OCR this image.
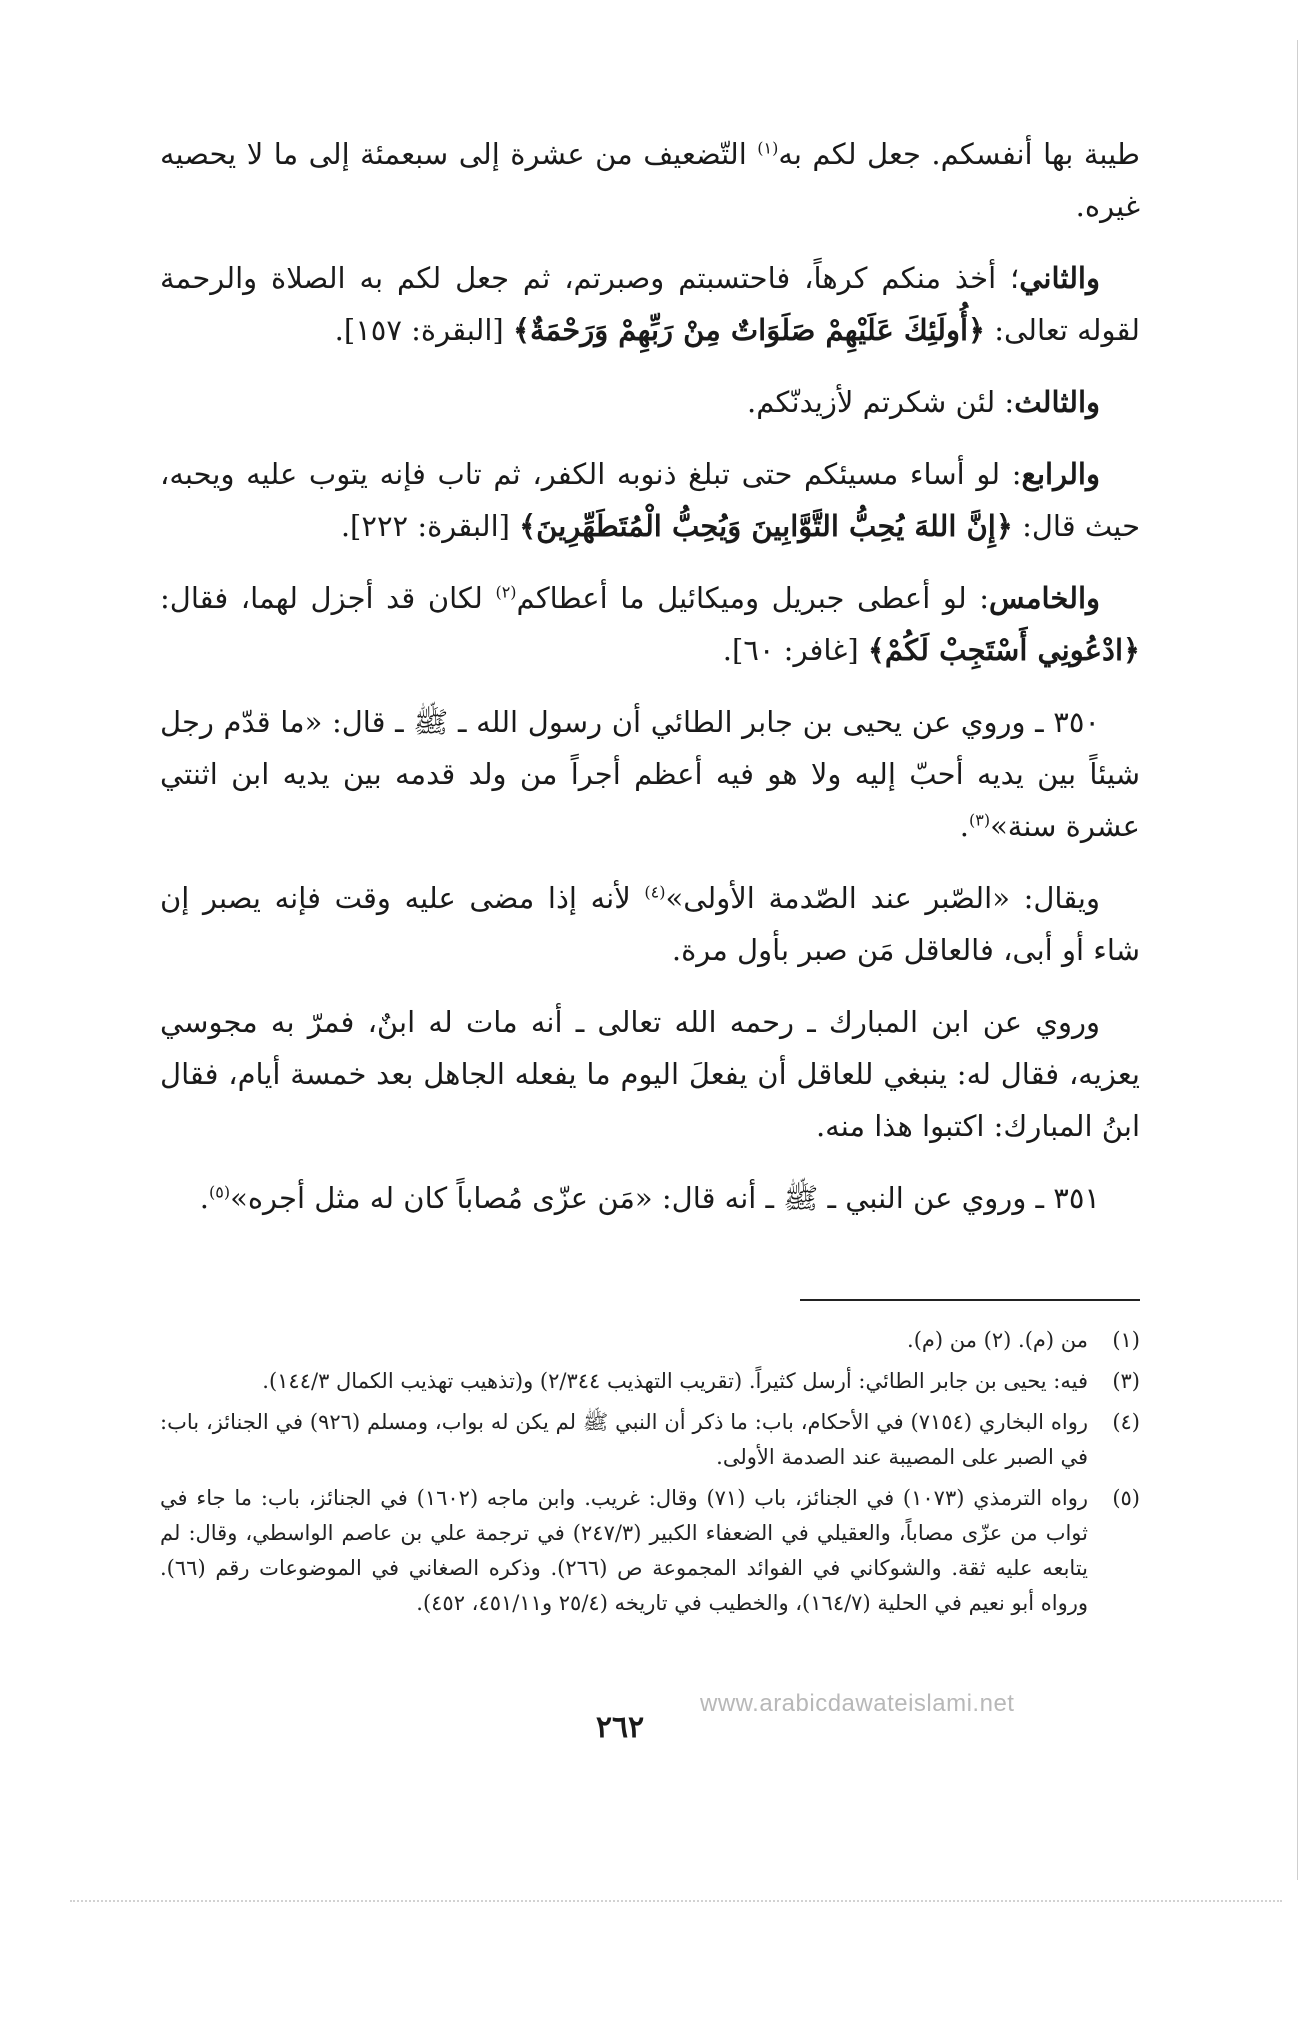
طيبة بها أنفسكم. جعل لكم به$^{(١)}$ التّضعيف من عشرة إلى سبعمئة إلى ما لا يحصيه غيره.

والثاني؛ أخذ منكم كرهاً، فاحتسبتم وصبرتم، ثم جعل لكم به الصلاة والرحمة لقوله تعالى: ﴿أُولَئِكَ عَلَيْهِمْ صَلَوَاتٌ مِنْ رَبِّهِمْ وَرَحْمَةٌ﴾ [البقرة: ١٥٧].

والثالث: لئن شكرتم لأزيدنّكم.

والرابع: لو أساء مسيئكم حتى تبلغ ذنوبه الكفر، ثم تاب فإنه يتوب عليه ويحبه، حيث قال: ﴿إِنَّ اللهَ يُحِبُّ التَّوَّابِينَ وَيُحِبُّ الْمُتَطَهِّرِينَ﴾ [البقرة: ٢٢٢].

والخامس: لو أعطى جبريل وميكائيل ما أعطاكم$^{(٢)}$ لكان قد أجزل لهما، فقال: ﴿ادْعُونِي أَسْتَجِبْ لَكُمْ﴾ [غافر: ٦٠].

٣٥٠ ـ وروي عن يحيى بن جابر الطائي أن رسول الله ـ ﷺ ـ قال: «ما قدّم رجل شيئاً بين يديه أحبّ إليه ولا هو فيه أعظم أجراً من ولد قدمه بين يديه ابن اثنتي عشرة سنة»$^{(٣)}$.

ويقال: «الصّبر عند الصّدمة الأولى»$^{(٤)}$ لأنه إذا مضى عليه وقت فإنه يصبر إن شاء أو أبى، فالعاقل مَن صبر بأول مرة.

وروي عن ابن المبارك ـ رحمه الله تعالى ـ أنه مات له ابنٌ، فمرّ به مجوسي يعزيه، فقال له: ينبغي للعاقل أن يفعلَ اليوم ما يفعله الجاهل بعد خمسة أيام، فقال ابنُ المبارك: اكتبوا هذا منه.

٣٥١ ـ وروي عن النبي ـ ﷺ ـ أنه قال: «مَن عزّى مُصاباً كان له مثل أجره»$^{(٥)}$.

(١)
من (م). (٢) من (م).
(٣)
فيه: يحيى بن جابر الطائي: أرسل كثيراً. (تقريب التهذيب ٢/٣٤٤) و(تذهيب تهذيب الكمال ١٤٤/٣).
(٤)
رواه البخاري (٧١٥٤) في الأحكام، باب: ما ذكر أن النبي ﷺ لم يكن له بواب، ومسلم (٩٢٦) في الجنائز، باب: في الصبر على المصيبة عند الصدمة الأولى.
(٥)
رواه الترمذي (١٠٧٣) في الجنائز، باب (٧١) وقال: غريب. وابن ماجه (١٦٠٢) في الجنائز، باب: ما جاء في ثواب من عزّى مصاباً، والعقيلي في الضعفاء الكبير (٢٤٧/٣) في ترجمة علي بن عاصم الواسطي، وقال: لم يتابعه عليه ثقة. والشوكاني في الفوائد المجموعة ص (٢٦٦). وذكره الصغاني في الموضوعات رقم (٦٦). ورواه أبو نعيم في الحلية (١٦٤/٧)، والخطيب في تاريخه (٢٥/٤ و٤٥١/١١، ٤٥٢).
www.arabicdawateislami.net
٢٦٢
